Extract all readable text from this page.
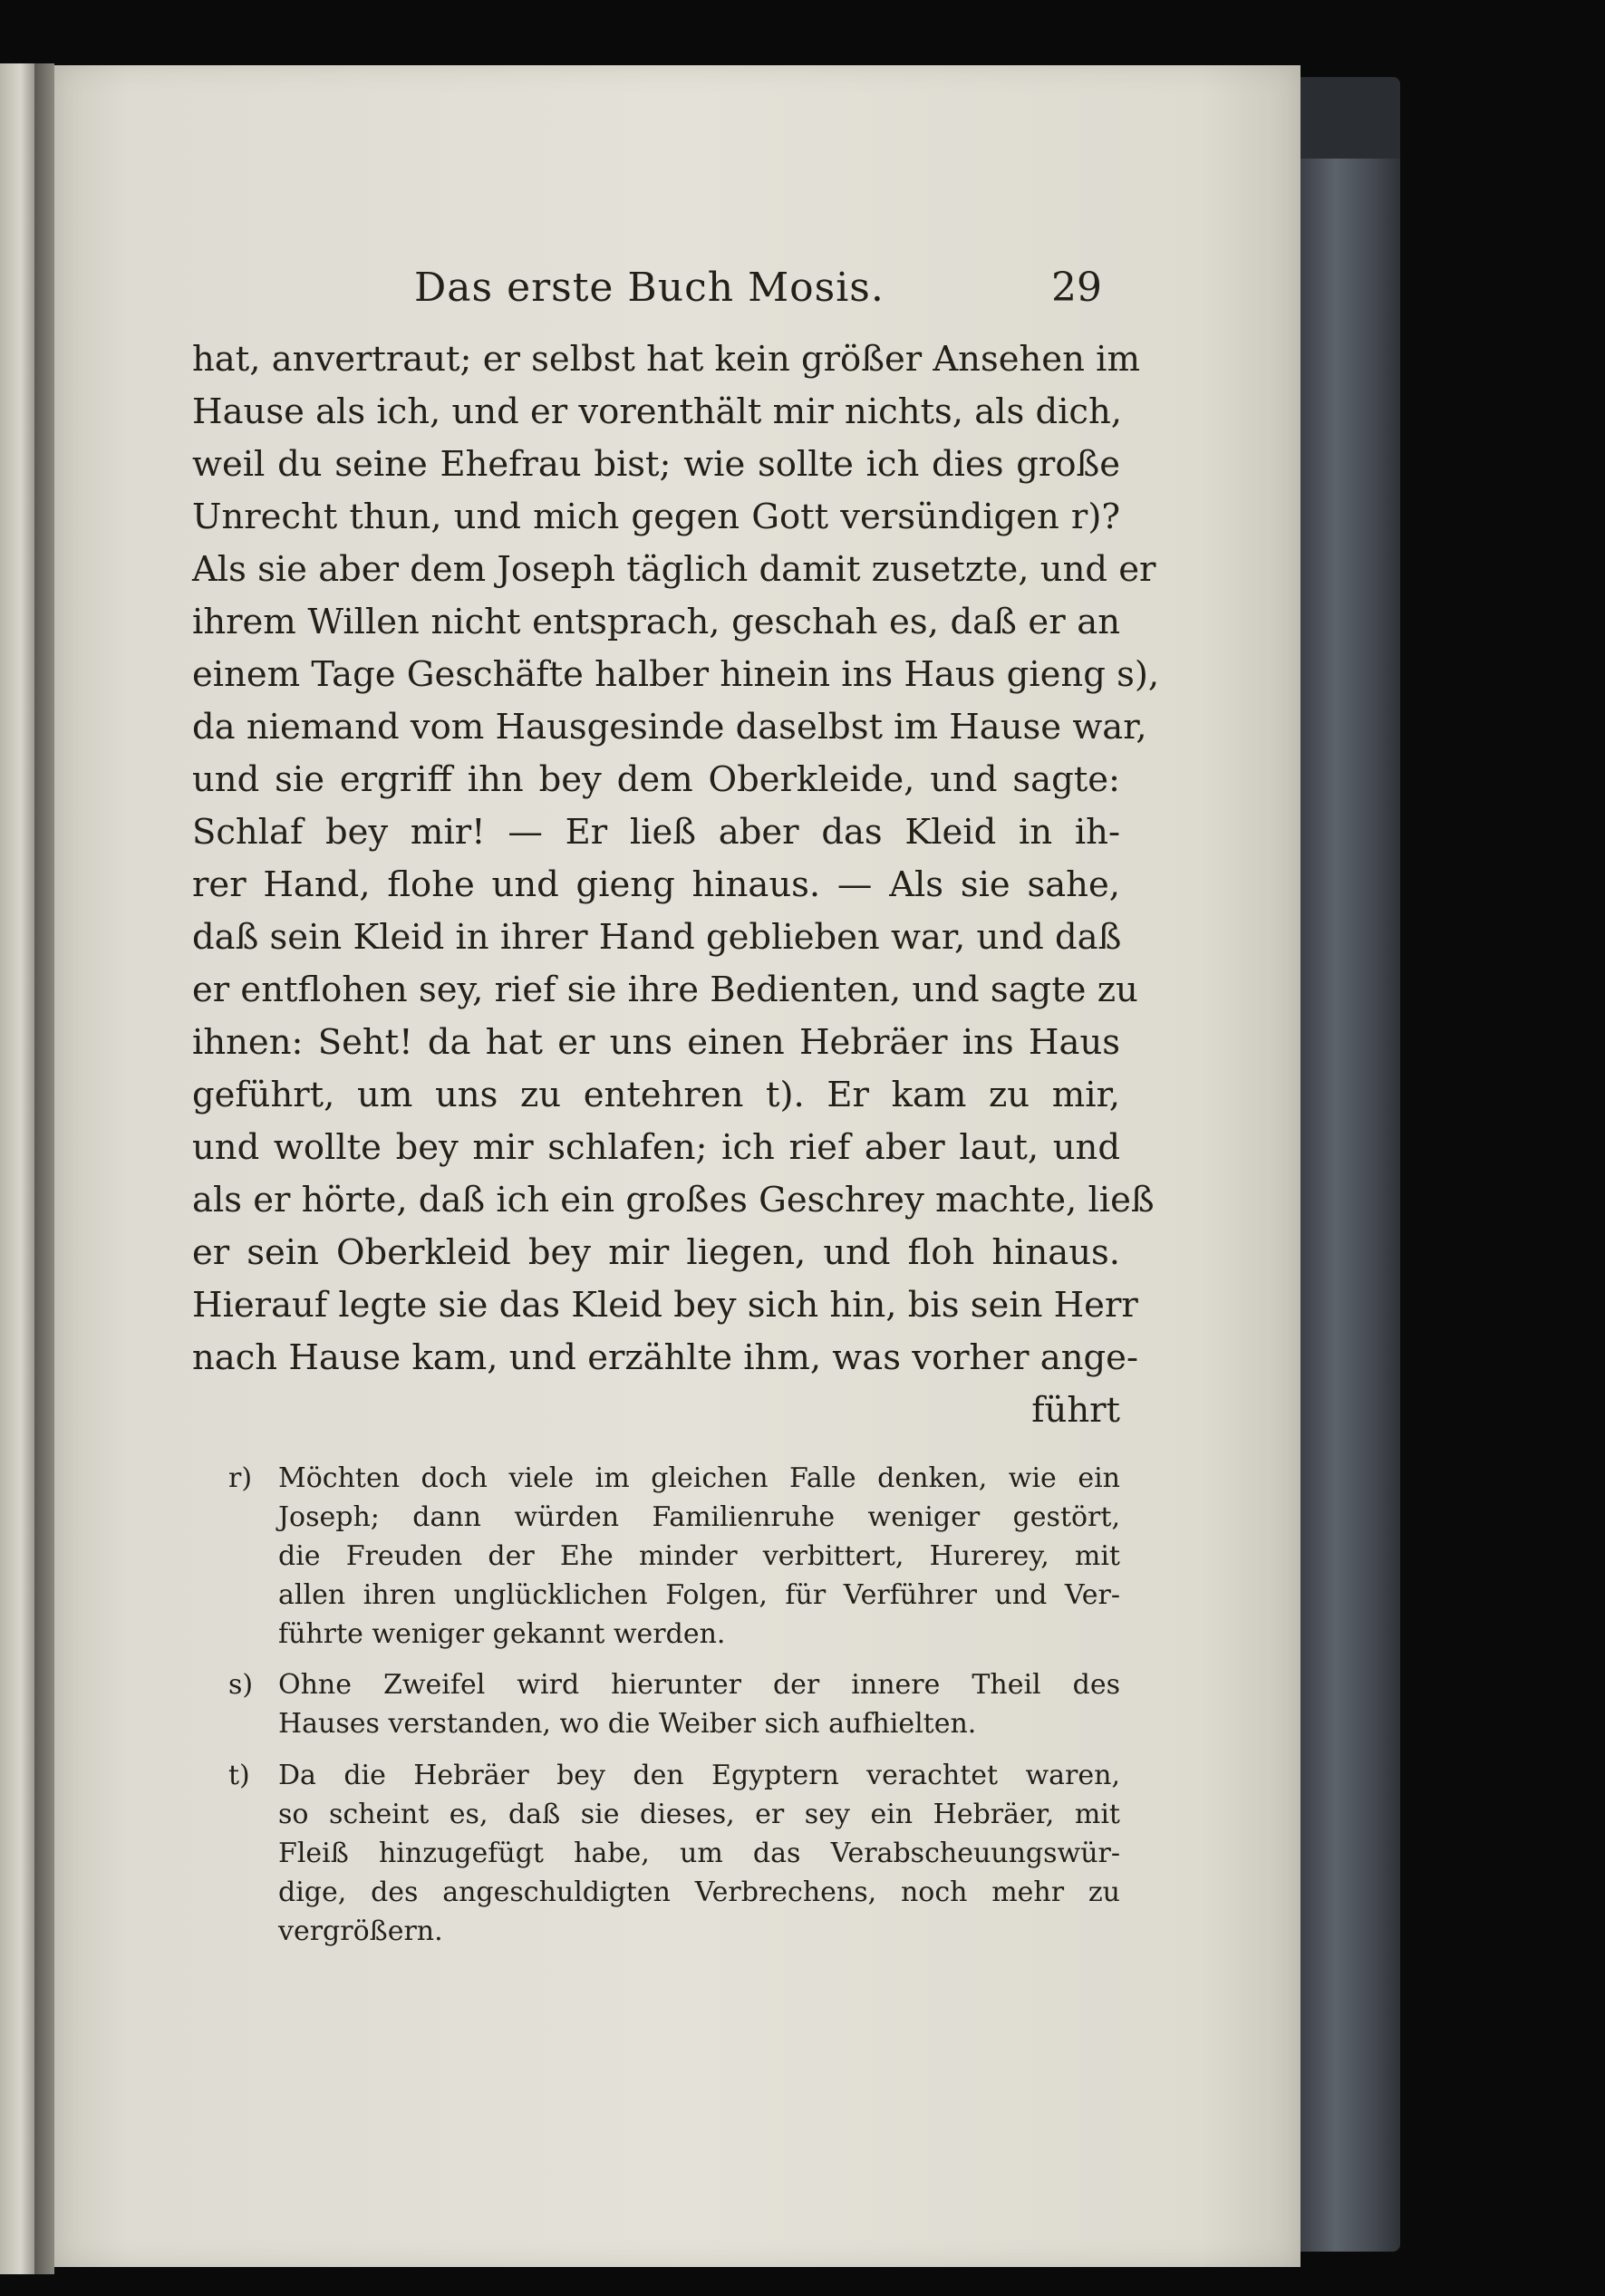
Das erste Buch Mosis.	29
hat, anvertraut; er selbst hat kein größer Ansehen im
Hause als ich, und er vorenthält mir nichts, als dich,
weil du seine Ehefrau bist; wie sollte ich dies große
Unrecht thun, und mich gegen Gott versündigen r)?
Als sie aber dem Joseph täglich damit zusetzte, und er
ihrem Willen nicht entsprach, geschah es, daß er an
einem Tage Geschäfte halber hinein ins Haus gieng s),
da niemand vom Hausgesinde daselbst im Hause war,
und sie ergriff ihn bey dem Oberkleide, und sagte:
Schlaf bey mir! — Er ließ aber das Kleid in ih-
rer Hand, flohe und gieng hinaus. — Als sie sahe,
daß sein Kleid in ihrer Hand geblieben war, und daß
er entflohen sey, rief sie ihre Bedienten, und sagte zu
ihnen: Seht! da hat er uns einen Hebräer ins Haus
geführt, um uns zu entehren t). Er kam zu mir,
und wollte bey mir schlafen; ich rief aber laut, und
als er hörte, daß ich ein großes Geschrey machte, ließ
er sein Oberkleid bey mir liegen, und floh hinaus.
Hierauf legte sie das Kleid bey sich hin, bis sein Herr
nach Hause kam, und erzählte ihm, was vorher ange-
führt
r) Möchten doch viele im gleichen Falle denken, wie ein
Joseph; dann würden Familienruhe weniger gestört,
die Freuden der Ehe minder verbittert, Hurerey, mit
allen ihren unglücklichen Folgen, für Verführer und Ver-
führte weniger gekannt werden.
s) Ohne Zweifel wird hierunter der innere Theil des
Hauses verstanden, wo die Weiber sich aufhielten.
t)	Da die Hebräer bey den Egyptern verachtet waren,
so scheint es, daß sie dieses, er sey ein Hebräer, mit
Fleiß hinzugefügt habe, um das Verabscheuungswür-
dige, des angeschuldigten Verbrechens, noch mehr zu
vergrößern.
